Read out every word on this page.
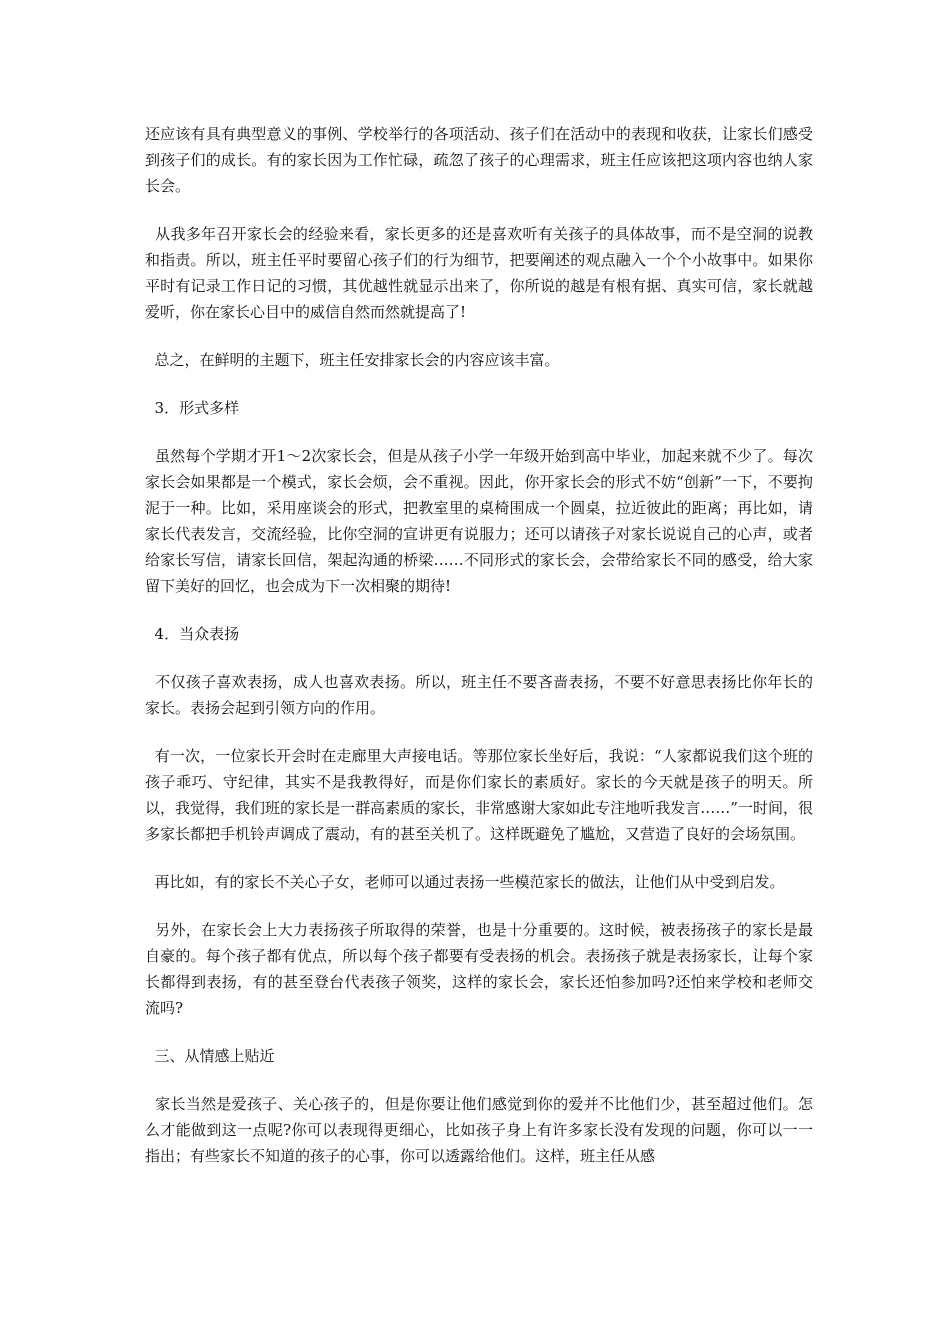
还应该有具有典型意义的事例、学校举行的各项活动、孩子们在活动中的表现和收获，让家长们感受到孩子们的成长。有的家长因为工作忙碌，疏忽了孩子的心理需求，班主任应该把这项内容也纳人家长会。

从我多年召开家长会的经验来看，家长更多的还是喜欢听有关孩子的具体故事，而不是空洞的说教和指责。所以，班主任平时要留心孩子们的行为细节，把要阐述的观点融入一个个小故事中。如果你平时有记录工作日记的习惯，其优越性就显示出来了，你所说的越是有根有据、真实可信，家长就越爱听，你在家长心目中的威信自然而然就提高了!

总之，在鲜明的主题下，班主任安排家长会的内容应该丰富。

3．形式多样

虽然每个学期才开1～2次家长会，但是从孩子小学一年级开始到高中毕业，加起来就不少了。每次家长会如果都是一个模式，家长会烦，会不重视。因此，你开家长会的形式不妨“创新”一下，不要拘泥于一种。比如，采用座谈会的形式，把教室里的桌椅围成一个圆桌，拉近彼此的距离；再比如，请家长代表发言，交流经验，比你空洞的宣讲更有说服力；还可以请孩子对家长说说自己的心声，或者给家长写信，请家长回信，架起沟通的桥梁……不同形式的家长会，会带给家长不同的感受，给大家留下美好的回忆，也会成为下一次相聚的期待!

4．当众表扬

不仅孩子喜欢表扬，成人也喜欢表扬。所以，班主任不要吝啬表扬，不要不好意思表扬比你年长的家长。表扬会起到引领方向的作用。

有一次，一位家长开会时在走廊里大声接电话。等那位家长坐好后，我说：“人家都说我们这个班的孩子乖巧、守纪律，其实不是我教得好，而是你们家长的素质好。家长的今天就是孩子的明天。所以，我觉得，我们班的家长是一群高素质的家长，非常感谢大家如此专注地听我发言……”一时间，很多家长都把手机铃声调成了震动，有的甚至关机了。这样既避免了尴尬，又营造了良好的会场氛围。

再比如，有的家长不关心子女，老师可以通过表扬一些模范家长的做法，让他们从中受到启发。

另外，在家长会上大力表扬孩子所取得的荣誉，也是十分重要的。这时候，被表扬孩子的家长是最自豪的。每个孩子都有优点，所以每个孩子都要有受表扬的机会。表扬孩子就是表扬家长，让每个家长都得到表扬，有的甚至登台代表孩子领奖，这样的家长会，家长还怕参加吗?还怕来学校和老师交流吗?

三、从情感上贴近

家长当然是爱孩子、关心孩子的，但是你要让他们感觉到你的爱并不比他们少，甚至超过他们。怎么才能做到这一点呢?你可以表现得更细心，比如孩子身上有许多家长没有发现的问题，你可以一一指出；有些家长不知道的孩子的心事，你可以透露给他们。这样，班主任从感
